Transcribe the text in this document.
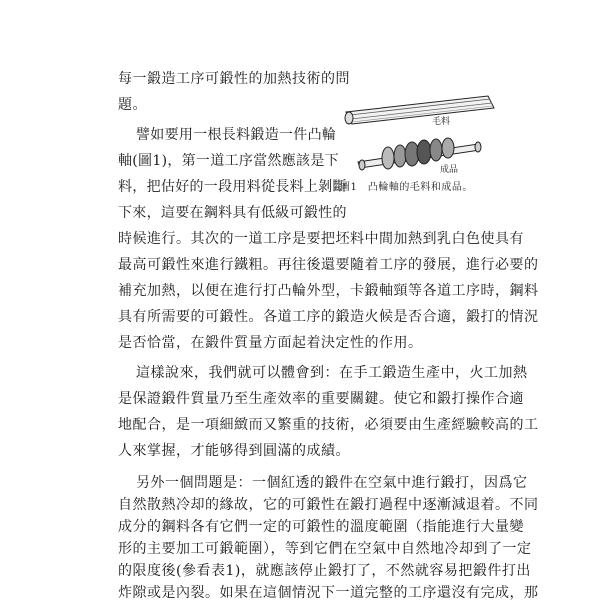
每一鍛造工序可鍛性的加熱技術的問
題。
譬如要用一根長料鍛造一件凸輪
軸(圖1)，第一道工序當然應該是下
料，把估好的一段用料從長料上剝斷
下來，這要在鋼料具有低級可鍛性的
時候進行。其次的一道工序是要把坯料中間加熱到乳白色使具有
最高可鍛性來進行鐵粗。再往後還要隨着工序的發展，進行必要的
補充加熱，以便在進行打凸輪外型，卡鍛軸頸等各道工序時，鋼料
具有所需要的可鍛性。各道工序的鍛造火候是否合適，鍛打的情況
是否恰當，在鍛件質量方面起着決定性的作用。
這樣說來，我們就可以體會到：在手工鍛造生產中，火工加熱
是保證鍛件質量乃至生產效率的重要關鍵。使它和鍛打操作合適
地配合，是一項細緻而又繁重的技術，必須要由生產經驗較高的工
人來掌握，才能够得到圓滿的成績。
毛料
成品
圖1　凸輪軸的毛料和成品。
另外一個問題是：一個紅透的鍛件在空氣中進行鍛打，因爲它
自然散熱冷却的緣故，它的可鍛性在鍛打過程中逐漸減退着。不同
成分的鋼料各有它們一定的可鍛性的溫度範圍（指能進行大量變
形的主要加工可鍛範圍），等到它們在空氣中自然地冷却到了一定
的限度後(參看表1)，就應該停止鍛打了，不然就容易把鍛件打出
炸隙或是內裂。如果在這個情況下一道完整的工序還沒有完成，那
